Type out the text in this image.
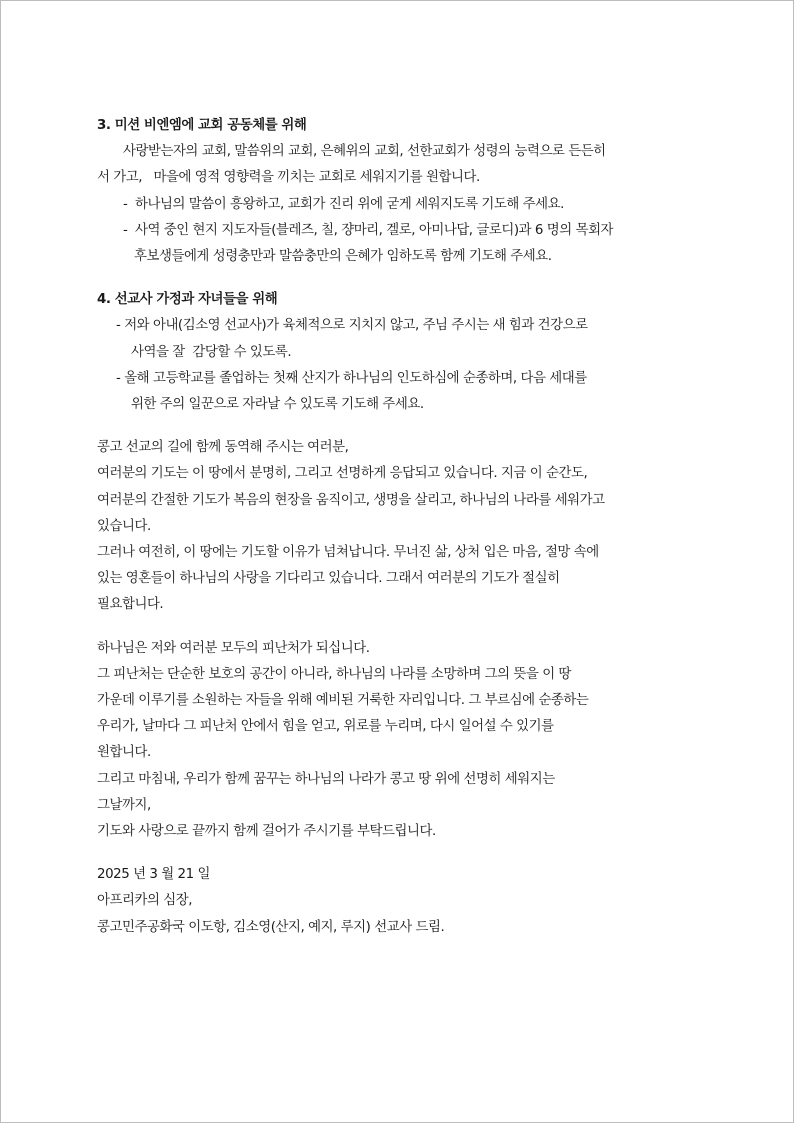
3. 미션 비엔엠에 교회 공동체를 위해
사랑받는자의 교회, 말씀위의 교회, 은혜위의 교회, 선한교회가 성령의 능력으로 든든히
서 가고,   마을에 영적 영향력을 끼치는 교회로 세워지기를 원합니다.
-  하나님의 말씀이 흥왕하고, 교회가 진리 위에 굳게 세워지도록 기도해 주세요.
-  사역 중인 현지 지도자들(블레즈, 칠, 쟝마리, 겔로, 아미나답, 글로디)과 6 명의 목회자
후보생들에게 성령충만과 말씀충만의 은혜가 임하도록 함께 기도해 주세요.
4. 선교사 가정과 자녀들을 위해
- 저와 아내(김소영 선교사)가 육체적으로 지치지 않고, 주님 주시는 새 힘과 건강으로
사역을 잘  감당할 수 있도록.
- 올해 고등학교를 졸업하는 첫째 산지가 하나님의 인도하심에 순종하며, 다음 세대를
위한 주의 일꾼으로 자라날 수 있도록 기도해 주세요.
콩고 선교의 길에 함께 동역해 주시는 여러분,
여러분의 기도는 이 땅에서 분명히, 그리고 선명하게 응답되고 있습니다. 지금 이 순간도,
여러분의 간절한 기도가 복음의 현장을 움직이고, 생명을 살리고, 하나님의 나라를 세워가고
있습니다.
그러나 여전히, 이 땅에는 기도할 이유가 넘쳐납니다. 무너진 삶, 상처 입은 마음, 절망 속에
있는 영혼들이 하나님의 사랑을 기다리고 있습니다. 그래서 여러분의 기도가 절실히
필요합니다.
하나님은 저와 여러분 모두의 피난처가 되십니다.
그 피난처는 단순한 보호의 공간이 아니라, 하나님의 나라를 소망하며 그의 뜻을 이 땅
가운데 이루기를 소원하는 자들을 위해 예비된 거룩한 자리입니다. 그 부르심에 순종하는
우리가, 날마다 그 피난처 안에서 힘을 얻고, 위로를 누리며, 다시 일어설 수 있기를
원합니다.
그리고 마침내, 우리가 함께 꿈꾸는 하나님의 나라가 콩고 땅 위에 선명히 세워지는
그날까지,
기도와 사랑으로 끝까지 함께 걸어가 주시기를 부탁드립니다.
2025 년 3 월 21 일
아프리카의 심장,
콩고민주공화국 이도항, 김소영(산지, 예지, 루지) 선교사 드림.
